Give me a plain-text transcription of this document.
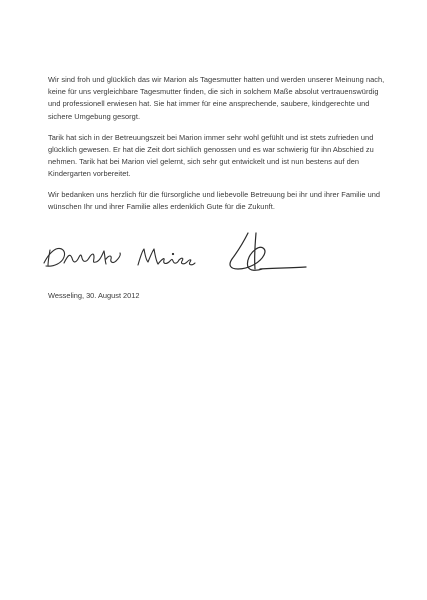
Wir sind froh und glücklich das wir Marion als Tagesmutter hatten und werden unserer Meinung nach, keine für uns vergleichbare Tagesmutter finden, die sich in solchem Maße absolut vertrauenswürdig und professionell erwiesen hat. Sie hat immer für eine ansprechende, saubere, kindgerechte und sichere Umgebung gesorgt.

Tarik hat sich in der Betreuungszeit bei Marion immer sehr wohl gefühlt und ist stets zufrieden und glücklich gewesen. Er hat die Zeit dort sichlich genossen und es war schwierig für ihn Abschied zu nehmen. Tarik hat bei Marion viel gelernt, sich sehr gut entwickelt und ist nun bestens auf den Kindergarten vorbereitet.

Wir bedanken uns herzlich für die fürsorgliche und liebevolle Betreuung bei ihr und ihrer Familie und wünschen Ihr und ihrer Familie alles erdenklich Gute für die Zukunft.

Wesseling, 30. August 2012
